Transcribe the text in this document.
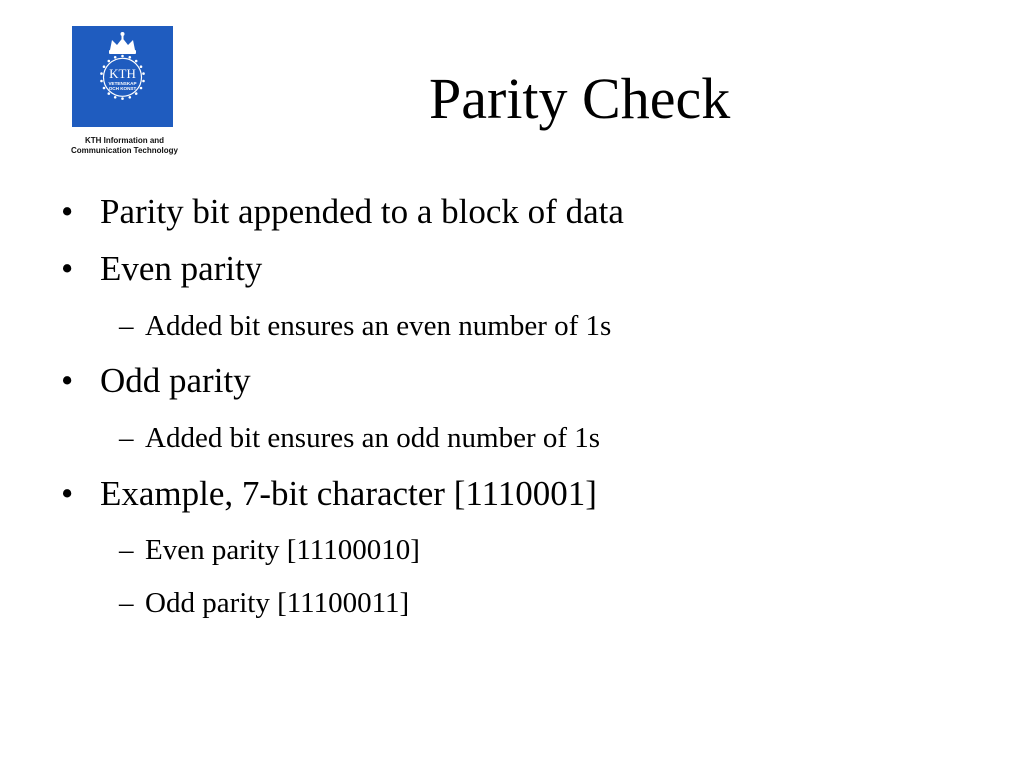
KTH
VETENSKAP
OCH KONST
KTH Information and
Communication Technology
Parity Check
• Parity bit appended to a block of data
• Even parity
– Added bit ensures an even number of 1s
• Odd parity
– Added bit ensures an odd number of 1s
• Example, 7-bit character [1110001]
– Even parity [11100010]
– Odd parity [11100011]
